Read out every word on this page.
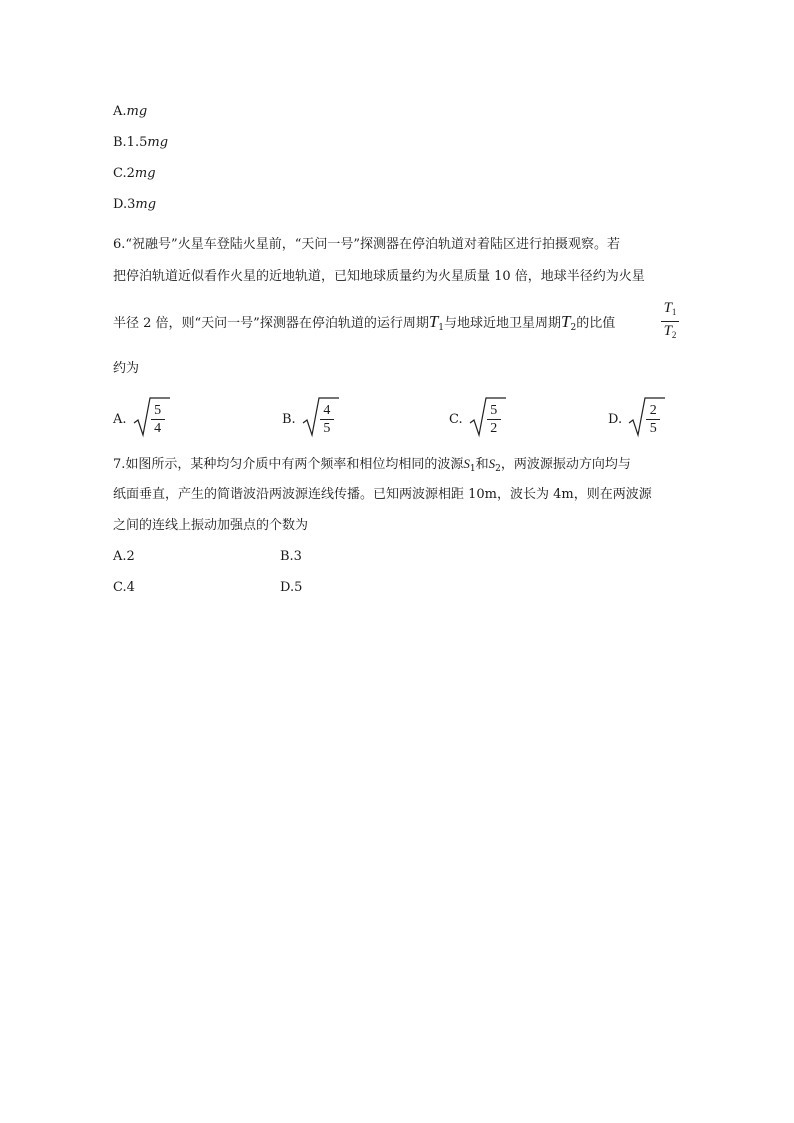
A.mg
B.1.5mg
C.2mg
D.3mg
6.“祝融号”火星车登陆火星前，“天问一号”探测器在停泊轨道对着陆区进行拍摄观察。若
把停泊轨道近似看作火星的近地轨道，已知地球质量约为火星质量 10 倍，地球半径约为火星
半径 2 倍，则“天问一号”探测器在停泊轨道的运行周期$T_1$与地球近地卫星周期$T_2$的比值
$T_1$
$T_2$
约为
A. $\frac{5}{4}$	B. $\frac{4}{5}$	C. $\frac{5}{2}$	D. $\frac{2}{5}$
7.如图所示，某种均匀介质中有两个频率和相位均相同的波源$S_1$和$S_2$，两波源振动方向均与
纸面垂直，产生的简谐波沿两波源连线传播。已知两波源相距 10m，波长为 4m，则在两波源
之间的连线上振动加强点的个数为
A.2	B.3
C.4	D.5
